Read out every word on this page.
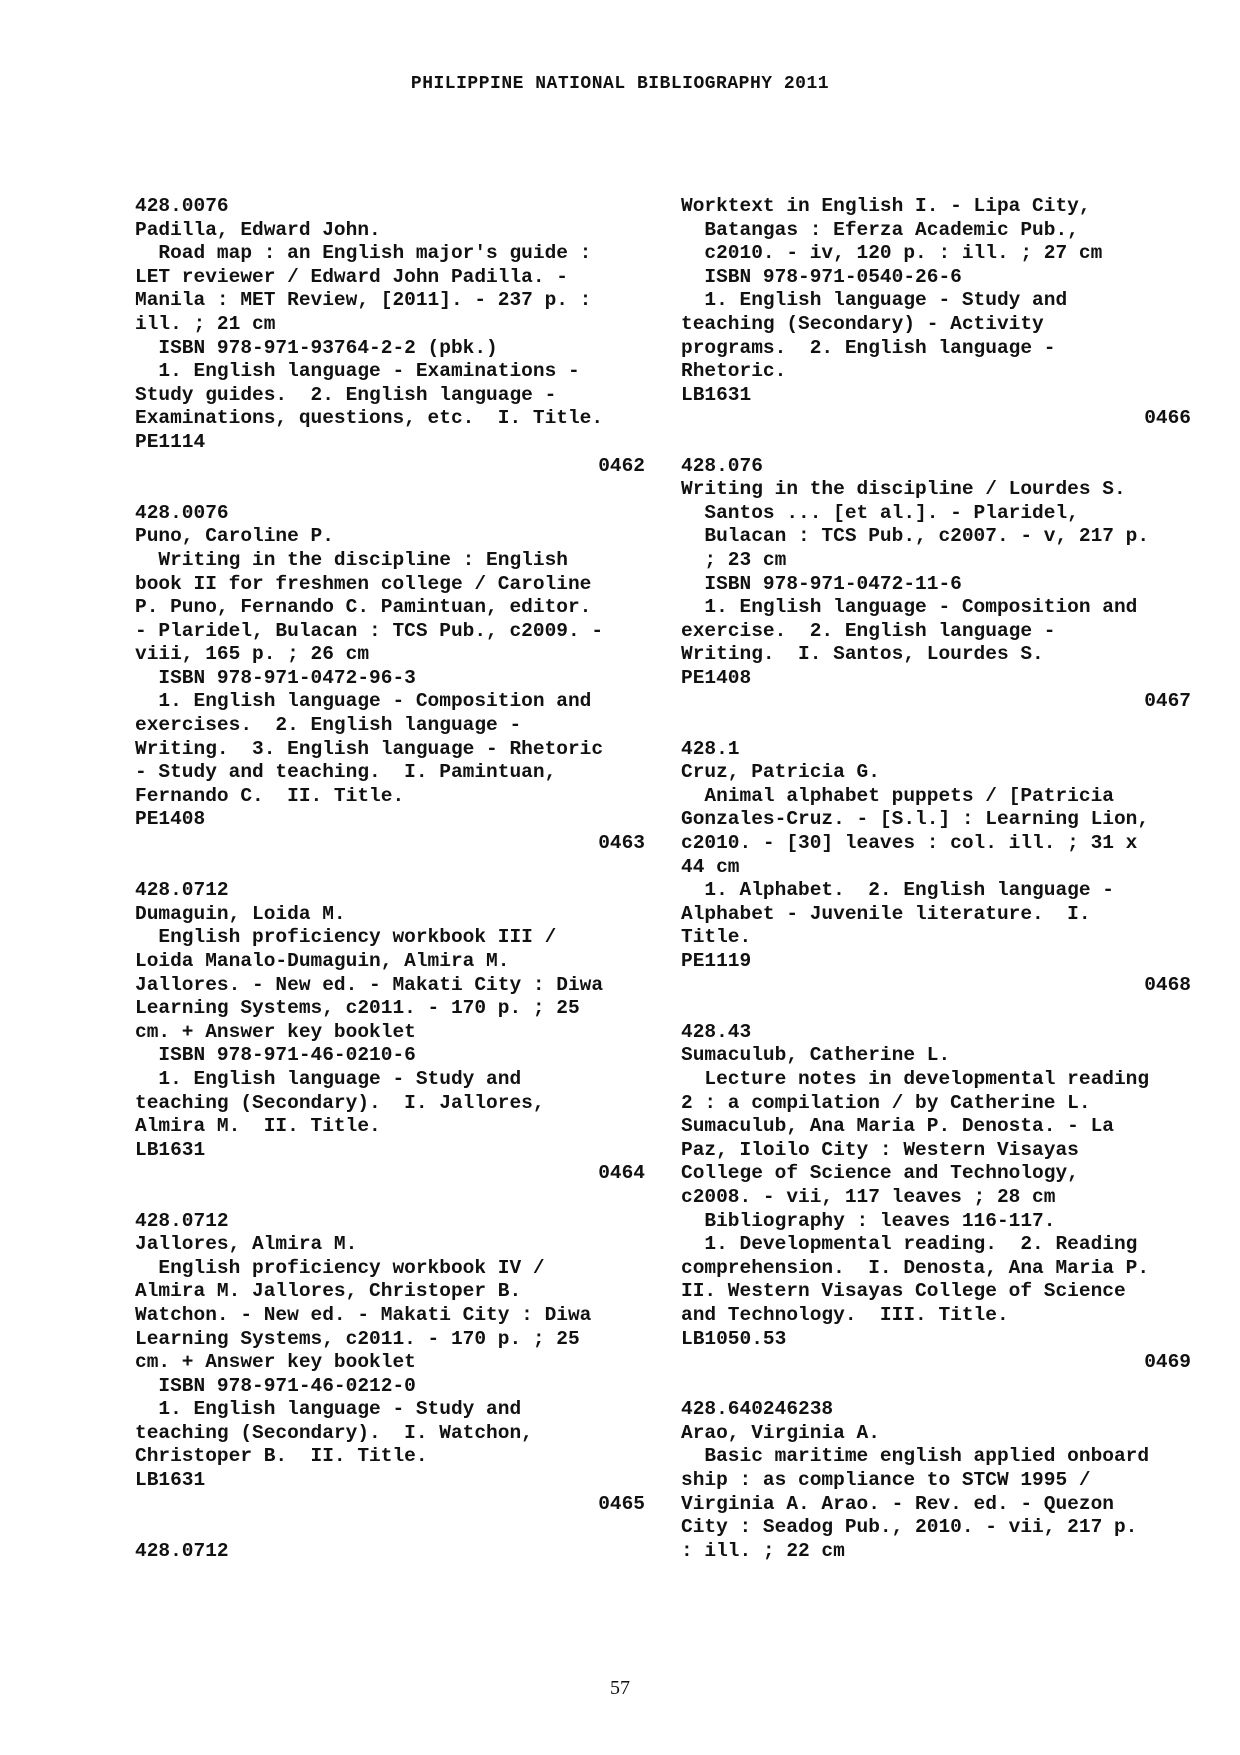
PHILIPPINE NATIONAL BIBLIOGRAPHY 2011
428.0076
Padilla, Edward John.
Road map : an English major's guide :
LET reviewer / Edward John Padilla. -
Manila : MET Review, [2011]. - 237 p. :
ill. ; 21 cm
ISBN 978-971-93764-2-2 (pbk.)
1. English language - Examinations -
Study guides.  2. English language -
Examinations, questions, etc.  I. Title.
PE1114
0462
428.0076
Puno, Caroline P.
Writing in the discipline : English
book II for freshmen college / Caroline
P. Puno, Fernando C. Pamintuan, editor.
- Plaridel, Bulacan : TCS Pub., c2009. -
viii, 165 p. ; 26 cm
ISBN 978-971-0472-96-3
1. English language - Composition and
exercises.  2. English language -
Writing.  3. English language - Rhetoric
- Study and teaching.  I. Pamintuan,
Fernando C.  II. Title.
PE1408
0463
428.0712
Dumaguin, Loida M.
English proficiency workbook III /
Loida Manalo-Dumaguin, Almira M.
Jallores. - New ed. - Makati City : Diwa
Learning Systems, c2011. - 170 p. ; 25
cm. + Answer key booklet
ISBN 978-971-46-0210-6
1. English language - Study and
teaching (Secondary).  I. Jallores,
Almira M.  II. Title.
LB1631
0464
428.0712
Jallores, Almira M.
English proficiency workbook IV /
Almira M. Jallores, Christoper B.
Watchon. - New ed. - Makati City : Diwa
Learning Systems, c2011. - 170 p. ; 25
cm. + Answer key booklet
ISBN 978-971-46-0212-0
1. English language - Study and
teaching (Secondary).  I. Watchon,
Christoper B.  II. Title.
LB1631
0465
428.0712
Worktext in English I. - Lipa City,
Batangas : Eferza Academic Pub.,
c2010. - iv, 120 p. : ill. ; 27 cm
ISBN 978-971-0540-26-6
1. English language - Study and
teaching (Secondary) - Activity
programs.  2. English language -
Rhetoric.
LB1631
0466
428.076
Writing in the discipline / Lourdes S.
Santos ... [et al.]. - Plaridel,
Bulacan : TCS Pub., c2007. - v, 217 p.
; 23 cm
ISBN 978-971-0472-11-6
1. English language - Composition and
exercise.  2. English language -
Writing.  I. Santos, Lourdes S.
PE1408
0467
428.1
Cruz, Patricia G.
Animal alphabet puppets / [Patricia
Gonzales-Cruz. - [S.l.] : Learning Lion,
c2010. - [30] leaves : col. ill. ; 31 x
44 cm
1. Alphabet.  2. English language -
Alphabet - Juvenile literature.  I.
Title.
PE1119
0468
428.43
Sumaculub, Catherine L.
Lecture notes in developmental reading
2 : a compilation / by Catherine L.
Sumaculub, Ana Maria P. Denosta. - La
Paz, Iloilo City : Western Visayas
College of Science and Technology,
c2008. - vii, 117 leaves ; 28 cm
Bibliography : leaves 116-117.
1. Developmental reading.  2. Reading
comprehension.  I. Denosta, Ana Maria P.
II. Western Visayas College of Science
and Technology.  III. Title.
LB1050.53
0469
428.640246238
Arao, Virginia A.
Basic maritime english applied onboard
ship : as compliance to STCW 1995 /
Virginia A. Arao. - Rev. ed. - Quezon
City : Seadog Pub., 2010. - vii, 217 p.
: ill. ; 22 cm
57
